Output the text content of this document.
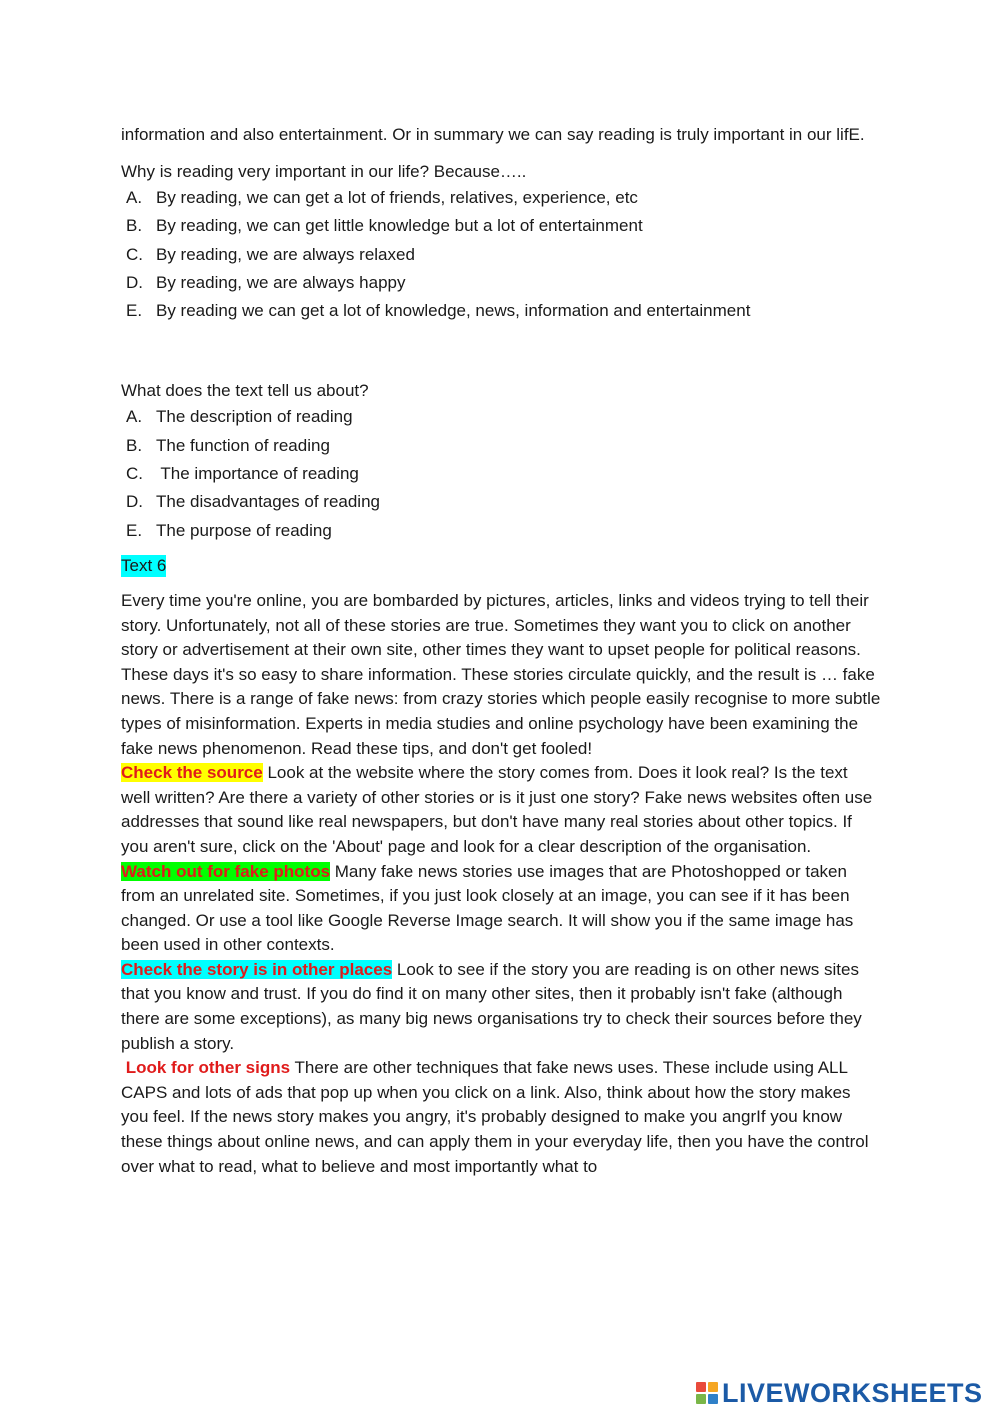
information and also entertainment. Or in summary we can say reading is truly important in our lifE.

Why is reading very important in our life? Because…..

A. By reading, we can get a lot of friends, relatives, experience, etc
B. By reading, we can get little knowledge but a lot of entertainment
C. By reading, we are always relaxed
D. By reading, we are always happy
E. By reading we can get a lot of knowledge, news, information and entertainment

What does the text tell us about?

A. The description of reading
B. The function of reading
C. The importance of reading
D. The disadvantages of reading
E. The purpose of reading
Text 6

Every time you're online, you are bombarded by pictures, articles, links and videos trying to tell their story. Unfortunately, not all of these stories are true. Sometimes they want you to click on another story or advertisement at their own site, other times they want to upset people for political reasons. These days it's so easy to share information. These stories circulate quickly, and the result is … fake news. There is a range of fake news: from crazy stories which people easily recognise to more subtle types of misinformation. Experts in media studies and online psychology have been examining the fake news phenomenon. Read these tips, and don't get fooled!

Check the source Look at the website where the story comes from. Does it look real? Is the text well written? Are there a variety of other stories or is it just one story? Fake news websites often use addresses that sound like real newspapers, but don't have many real stories about other topics. If you aren't sure, click on the 'About' page and look for a clear description of the organisation.

Watch out for fake photos Many fake news stories use images that are Photoshopped or taken from an unrelated site. Sometimes, if you just look closely at an image, you can see if it has been changed. Or use a tool like Google Reverse Image search. It will show you if the same image has been used in other contexts.

Check the story is in other places Look to see if the story you are reading is on other news sites that you know and trust. If you do find it on many other sites, then it probably isn't fake (although there are some exceptions), as many big news organisations try to check their sources before they publish a story.

Look for other signs There are other techniques that fake news uses. These include using ALL CAPS and lots of ads that pop up when you click on a link. Also, think about how the story makes you feel. If the news story makes you angry, it's probably designed to make you angrIf you know these things about online news, and can apply them in your everyday life, then you have the control over what to read, what to believe and most importantly what to

LIVEWORKSHEETS
